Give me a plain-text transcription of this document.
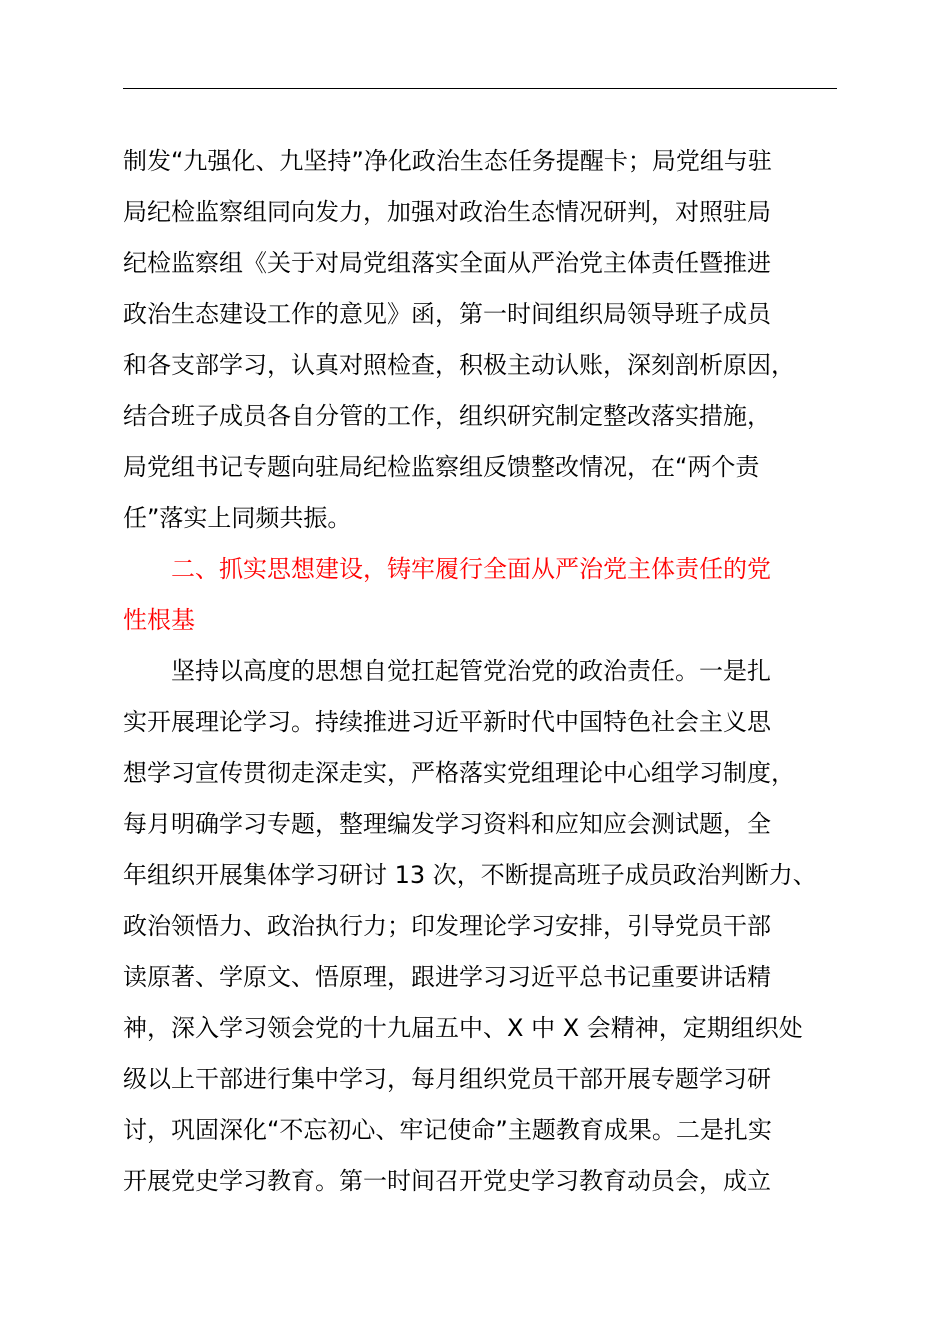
制发“九强化、九坚持”净化政治生态任务提醒卡；局党组与驻
局纪检监察组同向发力，加强对政治生态情况研判，对照驻局
纪检监察组《关于对局党组落实全面从严治党主体责任暨推进
政治生态建设工作的意见》函，第一时间组织局领导班子成员
和各支部学习，认真对照检查，积极主动认账，深刻剖析原因，
结合班子成员各自分管的工作，组织研究制定整改落实措施，
局党组书记专题向驻局纪检监察组反馈整改情况，在“两个责
任”落实上同频共振。

二、抓实思想建设，铸牢履行全面从严治党主体责任的党
性根基

坚持以高度的思想自觉扛起管党治党的政治责任。一是扎
实开展理论学习。持续推进习近平新时代中国特色社会主义思
想学习宣传贯彻走深走实，严格落实党组理论中心组学习制度，
每月明确学习专题，整理编发学习资料和应知应会测试题，全
年组织开展集体学习研讨 13 次，不断提高班子成员政治判断力、
政治领悟力、政治执行力；印发理论学习安排，引导党员干部
读原著、学原文、悟原理，跟进学习习近平总书记重要讲话精
神，深入学习领会党的十九届五中、X 中 X 会精神，定期组织处
级以上干部进行集中学习，每月组织党员干部开展专题学习研
讨，巩固深化“不忘初心、牢记使命”主题教育成果。二是扎实
开展党史学习教育。第一时间召开党史学习教育动员会，成立
